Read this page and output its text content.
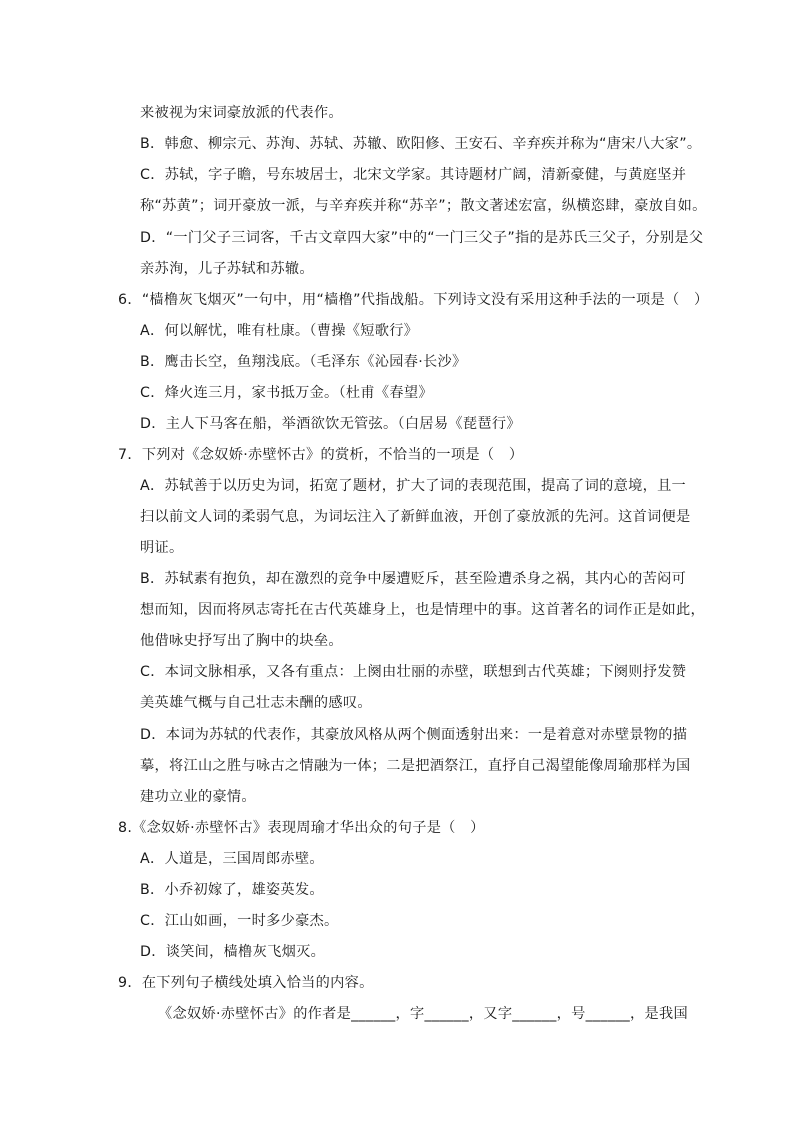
来被视为宋词豪放派的代表作。
B．韩愈、柳宗元、苏洵、苏轼、苏辙、欧阳修、王安石、辛弃疾并称为“唐宋八大家”。
C．苏轼，字子瞻，号东坡居士，北宋文学家。其诗题材广阔，清新豪健，与黄庭坚并
称“苏黄”；词开豪放一派，与辛弃疾并称“苏辛”；散文著述宏富，纵横恣肆，豪放自如。
D．“一门父子三词客，千古文章四大家”中的“一门三父子”指的是苏氏三父子，分别是父
亲苏洵，儿子苏轼和苏辙。
6．“樯橹灰飞烟灭”一句中，用“樯橹”代指战船。下列诗文没有采用这种手法的一项是（　）
A．何以解忧，唯有杜康。（曹操《短歌行》
B．鹰击长空，鱼翔浅底。（毛泽东《沁园春·长沙》
C．烽火连三月，家书抵万金。（杜甫《春望》
D．主人下马客在船，举酒欲饮无管弦。（白居易《琵琶行》
7．下列对《念奴娇·赤壁怀古》的赏析，不恰当的一项是（　）
A．苏轼善于以历史为词，拓宽了题材，扩大了词的表现范围，提高了词的意境，且一
扫以前文人词的柔弱气息，为词坛注入了新鲜血液，开创了豪放派的先河。这首词便是
明证。
B．苏轼素有抱负，却在激烈的竞争中屡遭贬斥，甚至险遭杀身之祸，其内心的苦闷可
想而知，因而将夙志寄托在古代英雄身上，也是情理中的事。这首著名的词作正是如此，
他借咏史抒写出了胸中的块垒。
C．本词文脉相承，又各有重点：上阕由壮丽的赤壁，联想到古代英雄；下阕则抒发赞
美英雄气概与自己壮志未酬的感叹。
D．本词为苏轼的代表作，其豪放风格从两个侧面透射出来：一是着意对赤壁景物的描
摹，将江山之胜与咏古之情融为一体；二是把酒祭江，直抒自己渴望能像周瑜那样为国
建功立业的豪情。
8.《念奴娇·赤壁怀古》表现周瑜才华出众的句子是（　）
A．人道是，三国周郎赤壁。
B．小乔初嫁了，雄姿英发。
C．江山如画，一时多少豪杰。
D．谈笑间，樯橹灰飞烟灭。
9．在下列句子横线处填入恰当的内容。
《念奴娇·赤壁怀古》的作者是______，字______，又字______，号______，是我国
